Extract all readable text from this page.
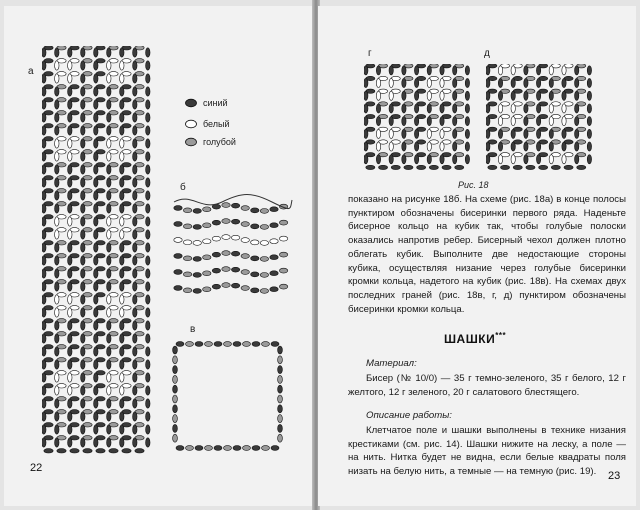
а
синий
белый
голубой
б
в
22
г	д
Рис. 18

показано на рисунке 18б. На схеме (рис. 18а) в конце полосы пунктиром обозначены бисеринки первого ряда. Наденьте бисерное кольцо на кубик так, чтобы голубые полоски оказались напротив ребер. Бисерный чехол должен плотно облегать кубик. Выполните две недостающие стороны кубика, осуществляя низание через голубые бисеринки кромки кольца, надетого на кубик (рис. 18в). На схемах двух последних граней (рис. 18в, г, д) пунктиром обозначены бисеринки кромки кольца.

ШАШКИ***
Материал:

Бисер (№ 10/0) — 35 г темно-зеленого, 35 г белого, 12 г желтого, 12 г зеленого, 20 г салатового блестящего.

Описание работы:

Клетчатое поле и шашки выполнены в технике низания крестиками (см. рис. 14). Шашки нижите на леску, а поле — на нить. Нитка будет не видна, если белые квадраты поля низать на белую нить, а темные — на темную (рис. 19).	23
